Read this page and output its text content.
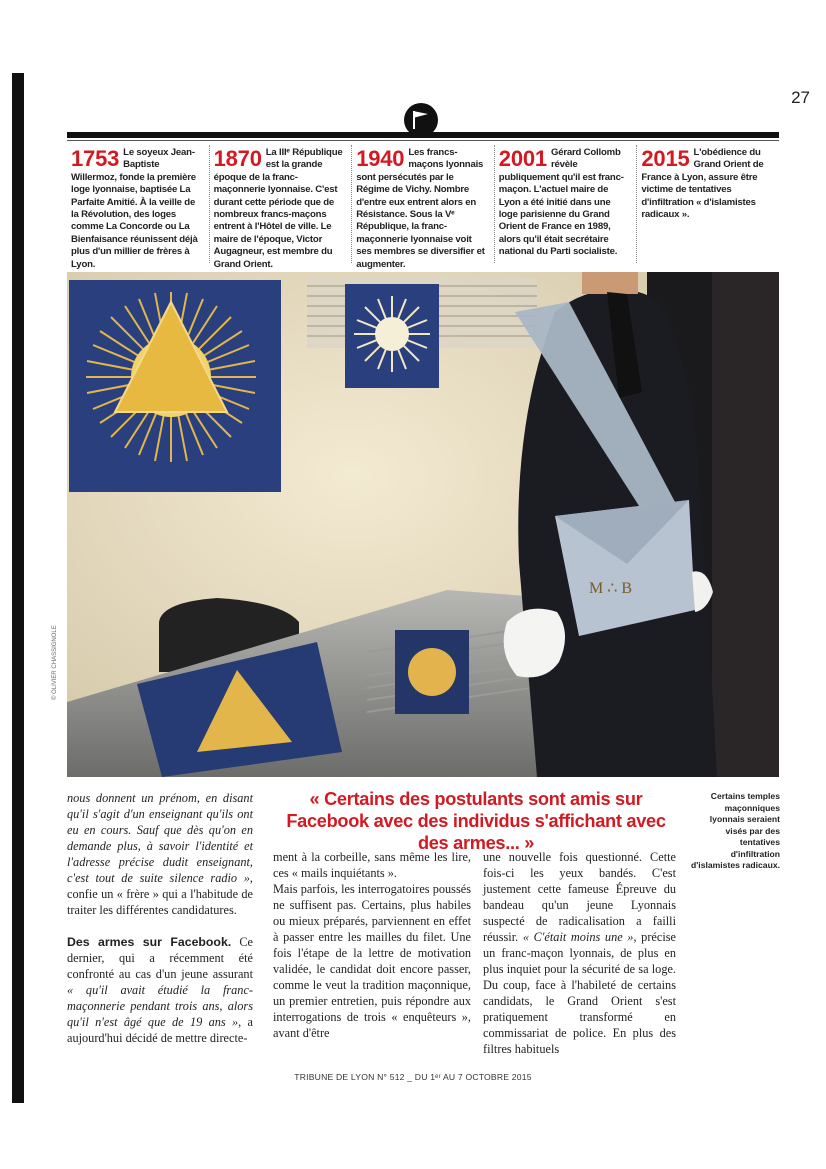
27
1753 Le soyeux Jean-Baptiste Willermoz, fonde la première loge lyonnaise, baptisée La Parfaite Amitié. À la veille de la Révolution, des loges comme La Concorde ou La Bienfaisance réunissent déjà plus d'un millier de frères à Lyon.
1870 La IIIᵉ République est la grande époque de la franc-maçonnerie lyonnaise. C'est durant cette période que de nombreux francs-maçons entrent à l'Hôtel de ville. Le maire de l'époque, Victor Augagneur, est membre du Grand Orient.
1940 Les francs-maçons lyonnais sont persécutés par le Régime de Vichy. Nombre d'entre eux entrent alors en Résistance. Sous la Vᵉ République, la franc-maçonnerie lyonnaise voit ses membres se diversifier et augmenter.
2001 Gérard Collomb révèle publiquement qu'il est franc-maçon. L'actuel maire de Lyon a été initié dans une loge parisienne du Grand Orient de France en 1989, alors qu'il était secrétaire national du Parti socialiste.
2015 L'obédience du Grand Orient de France à Lyon, assure être victime de tentatives d'infiltration « d'islamistes radicaux ».
M ∴ B
© OLIVIER CHASSIGNOLE
Certains temples maçonniques lyonnais seraient visés par des tentatives d'infiltration d'islamistes radicaux.
« Certains des postulants sont amis sur Facebook avec des individus s'affichant avec des armes... »

nous donnent un prénom, en disant qu'il s'agit d'un enseignant qu'ils ont eu en cours. Sauf que dès qu'on en demande plus, à savoir l'identité et l'adresse précise dudit enseignant, c'est tout de suite silence radio », confie un « frère » qui a l'habitude de traiter les différentes candidatures.

Des armes sur Facebook. Ce dernier, qui a récemment été confronté au cas d'un jeune assurant « qu'il avait étudié la franc-maçonnerie pendant trois ans, alors qu'il n'est âgé que de 19 ans », a aujourd'hui décidé de mettre directe-

ment à la corbeille, sans même les lire, ces « mails inquiétants ».

Mais parfois, les interrogatoires poussés ne suffisent pas. Certains, plus habiles ou mieux préparés, parviennent en effet à passer entre les mailles du filet. Une fois l'étape de la lettre de motivation validée, le candidat doit encore passer, comme le veut la tradition maçonnique, un premier entretien, puis répondre aux interrogations de trois « enquêteurs », avant d'être

une nouvelle fois questionné. Cette fois-ci les yeux bandés. C'est justement cette fameuse Épreuve du bandeau qu'un jeune Lyonnais suspecté de radicalisation a failli réussir. « C'était moins une », précise un franc-maçon lyonnais, de plus en plus inquiet pour la sécurité de sa loge. Du coup, face à l'habileté de certains candidats, le Grand Orient s'est pratiquement transformé en commissariat de police. En plus des filtres habituels

TRIBUNE DE LYON N° 512 _ DU 1ᵉʳ AU 7 OCTOBRE 2015
